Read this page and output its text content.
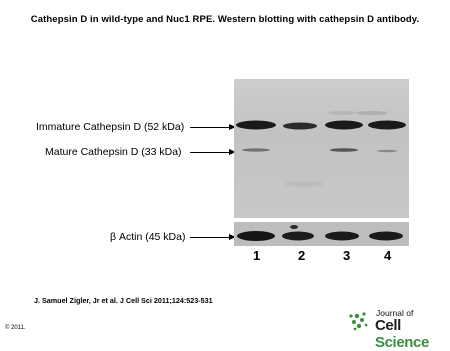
Cathepsin D in wild-type and Nuc1 RPE. Western blotting with cathepsin D antibody.
Immature Cathepsin D (52 kDa)
Mature Cathepsin D (33 kDa)
β Actin (45 kDa)
1	2	3	4
J. Samuel Zigler, Jr et al. J Cell Sci 2011;124:523-531
© 2011.
Journal of
Cell Science
